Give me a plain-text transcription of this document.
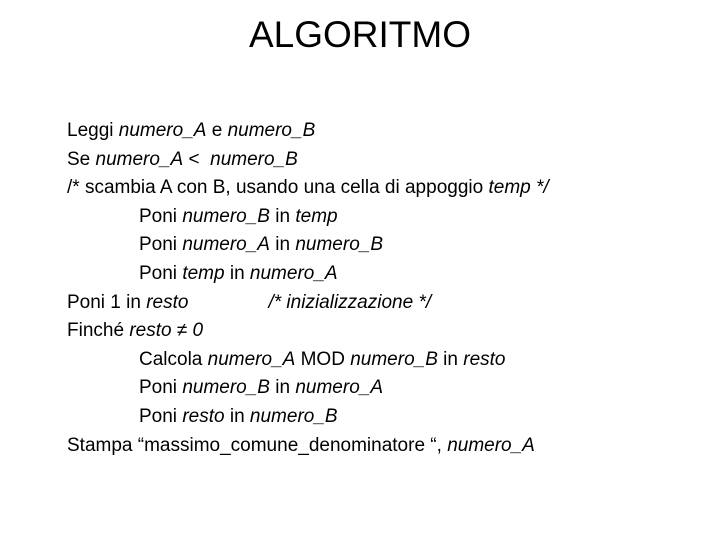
ALGORITMO
Leggi numero_A e numero_B
Se numero_A <  numero_B
/* scambia A con B, usando una cella di appoggio temp */
Poni numero_B in temp
Poni numero_A in numero_B
Poni temp in numero_A
Poni 1 in resto	/* inizializzazione */
Finché resto ≠ 0
Calcola numero_A MOD numero_B in resto
Poni numero_B in numero_A
Poni resto in numero_B
Stampa “massimo_comune_denominatore “, numero_A
